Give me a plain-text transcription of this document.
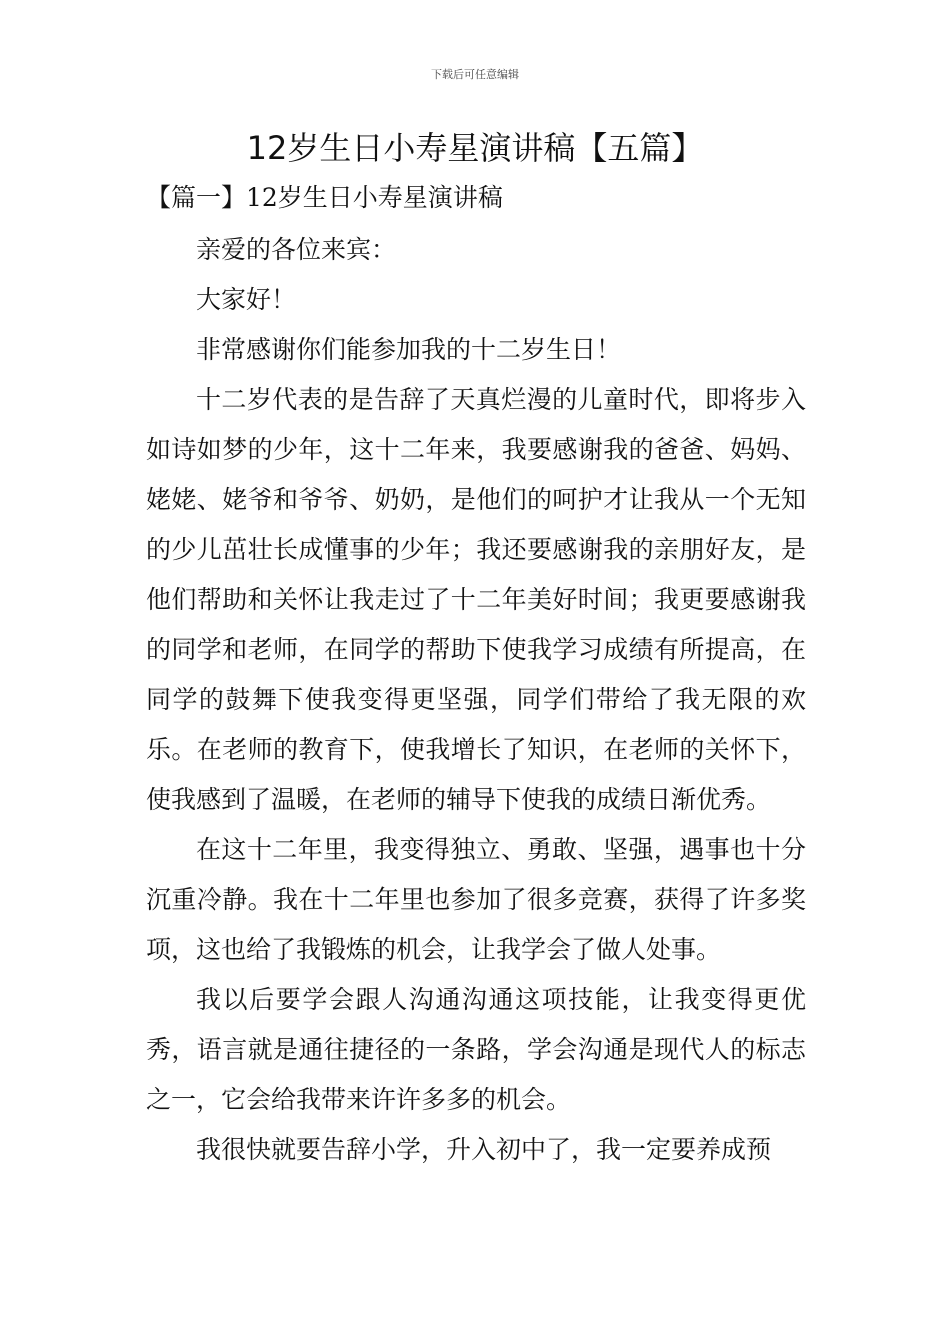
下载后可任意编辑
12岁生日小寿星演讲稿【五篇】
【篇一】12岁生日小寿星演讲稿

亲爱的各位来宾：

大家好！

非常感谢你们能参加我的十二岁生日！

十二岁代表的是告辞了天真烂漫的儿童时代，即将步入如诗如梦的少年，这十二年来，我要感谢我的爸爸、妈妈、姥姥、姥爷和爷爷、奶奶，是他们的呵护才让我从一个无知的少儿茁壮长成懂事的少年；我还要感谢我的亲朋好友，是他们帮助和关怀让我走过了十二年美好时间；我更要感谢我的同学和老师，在同学的帮助下使我学习成绩有所提高，在同学的鼓舞下使我变得更坚强，同学们带给了我无限的欢乐。在老师的教育下，使我增长了知识，在老师的关怀下，使我感到了温暖，在老师的辅导下使我的成绩日渐优秀。

在这十二年里，我变得独立、勇敢、坚强，遇事也十分沉重冷静。我在十二年里也参加了很多竞赛，获得了许多奖项，这也给了我锻炼的机会，让我学会了做人处事。

我以后要学会跟人沟通沟通这项技能，让我变得更优秀，语言就是通往捷径的一条路，学会沟通是现代人的标志之一，它会给我带来许许多多的机会。

我很快就要告辞小学，升入初中了，我一定要养成预
